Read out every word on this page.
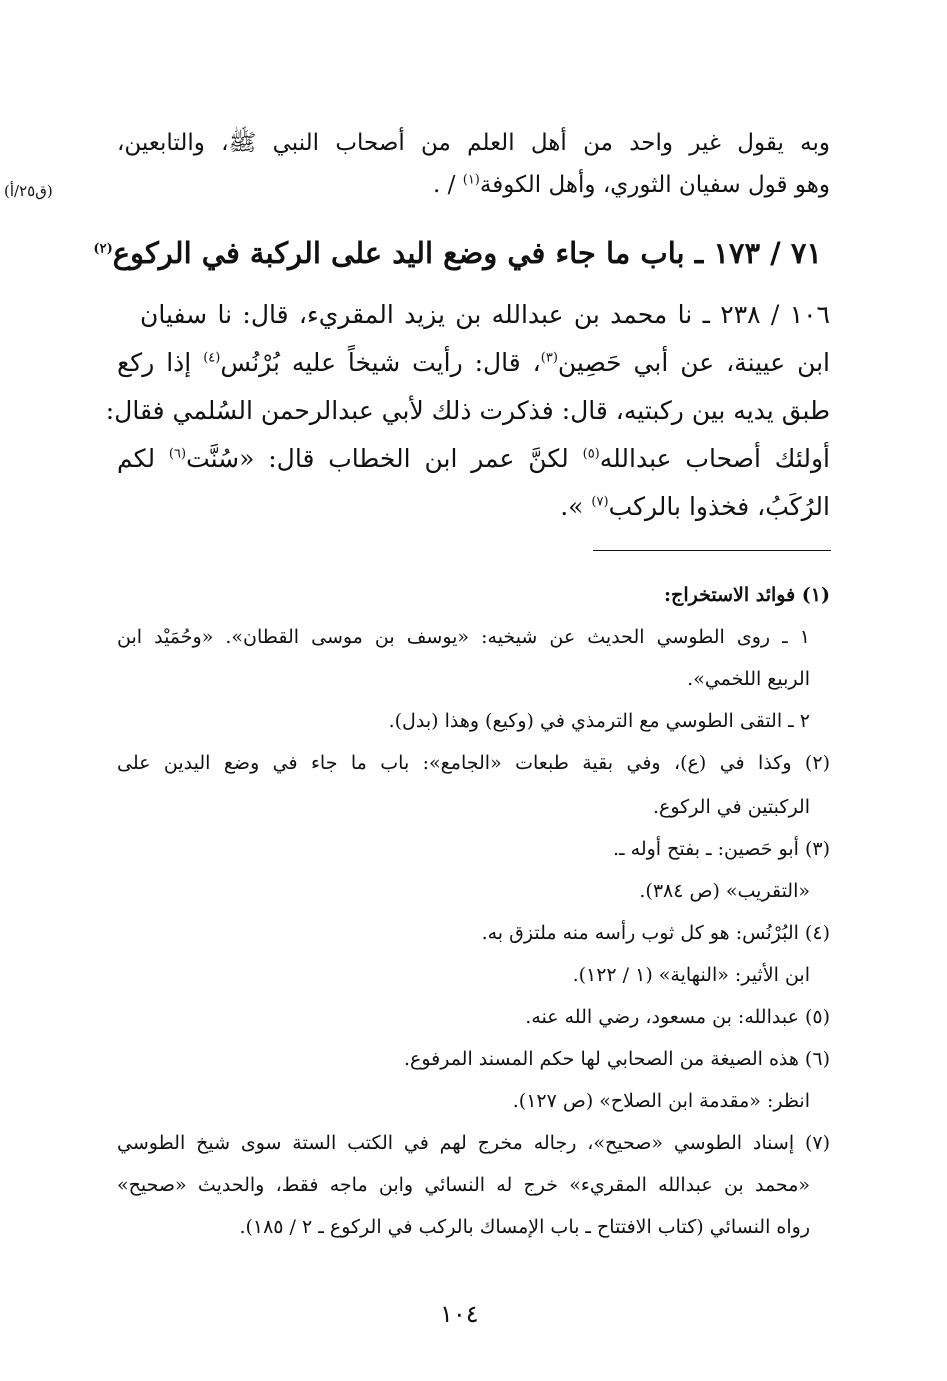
وبه يقول غير واحد من أهل العلم من أصحاب النبي ﷺ، والتابعين،
(ق٢٥/أ)	وهو قول سفيان الثوري، وأهل الكوفة$^{(١)}$ / .
٧١ / ١٧٣ ـ باب ما جاء في وضع اليد على الركبة في الركوع$^{(٢)}$
١٠٦ / ٢٣٨ ـ نا محمد بن عبدالله بن يزيد المقريء، قال: نا سفيان
ابن عيينة، عن أبي حَصِين$^{(٣)}$، قال: رأيت شيخاً عليه بُرْنُس$^{(٤)}$ إذا ركع
طبق يديه بين ركبتيه، قال: فذكرت ذلك لأبي عبدالرحمن السُلمي فقال:
أولئك أصحاب عبدالله$^{(٥)}$ لكنَّ عمر ابن الخطاب قال: «سُنَّت$^{(٦)}$ لكم
الرُكَبُ، فخذوا بالركب$^{(٧)}$ ».
(١) فوائد الاستخراج:
١ ـ روى الطوسي الحديث عن شيخيه: «يوسف بن موسى القطان». «وحُمَيْد ابن
الربيع اللخمي».
٢ ـ التقى الطوسي مع الترمذي في (وكيع) وهذا (بدل).
(٢) وكذا في (ع)، وفي بقية طبعات «الجامع»: باب ما جاء في وضع اليدين على
الركبتين في الركوع.
(٣) أبو حَصين: ـ بفتح أوله ـ.
«التقريب» (ص ٣٨٤).
(٤) البُرْنُس: هو كل ثوب رأسه منه ملتزق به.
ابن الأثير: «النهاية» (١ / ١٢٢).
(٥) عبدالله: بن مسعود، رضي الله عنه.
(٦) هذه الصيغة من الصحابي لها حكم المسند المرفوع.
انظر: «مقدمة ابن الصلاح» (ص ١٢٧).
(٧) إسناد الطوسي «صحيح»، رجاله مخرج لهم في الكتب الستة سوى شيخ الطوسي
«محمد بن عبدالله المقريء» خرج له النسائي وابن ماجه فقط، والحديث «صحيح»
رواه النسائي (كتاب الافتتاح ـ باب الإمساك بالركب في الركوع ـ ٢ / ١٨٥).
١٠٤
